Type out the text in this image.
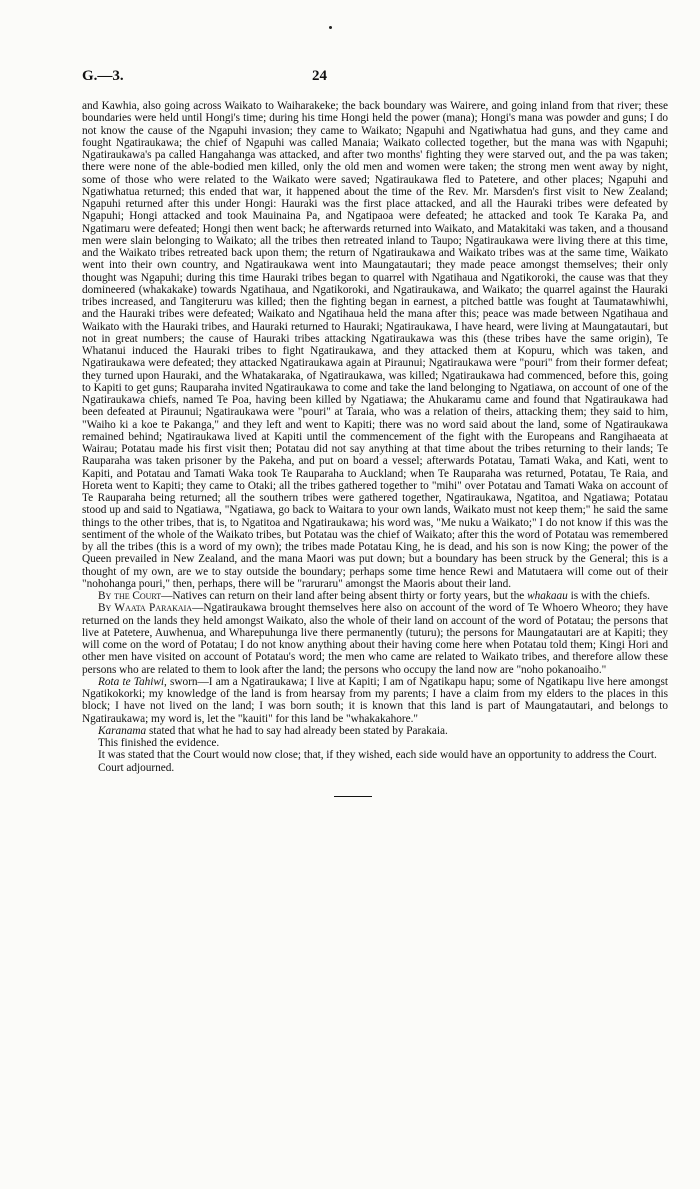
G.—3.	24

and Kawhia, also going across Waikato to Waiharakeke; the back boundary was Wairere, and going inland from that river; these boundaries were held until Hongi's time; during his time Hongi held the power (mana); Hongi's mana was powder and guns; I do not know the cause of the Ngapuhi invasion; they came to Waikato; Ngapuhi and Ngatiwhatua had guns, and they came and fought Ngatiraukawa; the chief of Ngapuhi was called Manaia; Waikato collected together, but the mana was with Ngapuhi; Ngatiraukawa's pa called Hangahanga was attacked, and after two months' fighting they were starved out, and the pa was taken; there were none of the able-bodied men killed, only the old men and women were taken; the strong men went away by night, some of those who were related to the Waikato were saved; Ngatiraukawa fled to Patetere, and other places; Ngapuhi and Ngatiwhatua returned; this ended that war, it happened about the time of the Rev. Mr. Marsden's first visit to New Zealand; Ngapuhi returned after this under Hongi: Hauraki was the first place attacked, and all the Hauraki tribes were defeated by Ngapuhi; Hongi attacked and took Mauinaina Pa, and Ngatipaoa were defeated; he attacked and took Te Karaka Pa, and Ngatimaru were defeated; Hongi then went back; he afterwards returned into Waikato, and Matakitaki was taken, and a thousand men were slain belonging to Waikato; all the tribes then retreated inland to Taupo; Ngatiraukawa were living there at this time, and the Waikato tribes retreated back upon them; the return of Ngatiraukawa and Waikato tribes was at the same time, Waikato went into their own country, and Ngatiraukawa went into Maungatautari; they made peace amongst themselves; their only thought was Ngapuhi; during this time Hauraki tribes began to quarrel with Ngatihaua and Ngatikoroki, the cause was that they domineered (whakakake) towards Ngatihaua, and Ngatikoroki, and Ngatiraukawa, and Waikato; the quarrel against the Hauraki tribes increased, and Tangiteruru was killed; then the fighting began in earnest, a pitched battle was fought at Taumatawhiwhi, and the Hauraki tribes were defeated; Waikato and Ngatihaua held the mana after this; peace was made between Ngatihaua and Waikato with the Hauraki tribes, and Hauraki returned to Hauraki; Ngatiraukawa, I have heard, were living at Maungatautari, but not in great numbers; the cause of Hauraki tribes attacking Ngatiraukawa was this (these tribes have the same origin), Te Whatanui induced the Hauraki tribes to fight Ngatiraukawa, and they attacked them at Kopuru, which was taken, and Ngatiraukawa were defeated; they attacked Ngatiraukawa again at Piraunui; Ngatiraukawa were "pouri" from their former defeat; they turned upon Hauraki, and the Whatakaraka, of Ngatiraukawa, was killed; Ngatiraukawa had commenced, before this, going to Kapiti to get guns; Rauparaha invited Ngatiraukawa to come and take the land belonging to Ngatiawa, on account of one of the Ngatiraukawa chiefs, named Te Poa, having been killed by Ngatiawa; the Ahukaramu came and found that Ngatiraukawa had been defeated at Piraunui; Ngatiraukawa were "pouri" at Taraia, who was a relation of theirs, attacking them; they said to him, "Waiho ki a koe te Pakanga," and they left and went to Kapiti; there was no word said about the land, some of Ngatiraukawa remained behind; Ngatiraukawa lived at Kapiti until the commencement of the fight with the Europeans and Rangihaeata at Wairau; Potatau made his first visit then; Potatau did not say anything at that time about the tribes returning to their lands; Te Rauparaha was taken prisoner by the Pakeha, and put on board a vessel; afterwards Potatau, Tamati Waka, and Kati, went to Kapiti, and Potatau and Tamati Waka took Te Rauparaha to Auckland; when Te Rauparaha was returned, Potatau, Te Raia, and Horeta went to Kapiti; they came to Otaki; all the tribes gathered together to "mihi" over Potatau and Tamati Waka on account of Te Rauparaha being returned; all the southern tribes were gathered together, Ngatiraukawa, Ngatitoa, and Ngatiawa; Potatau stood up and said to Ngatiawa, "Ngatiawa, go back to Waitara to your own lands, Waikato must not keep them;" he said the same things to the other tribes, that is, to Ngatitoa and Ngatiraukawa; his word was, "Me nuku a Waikato;" I do not know if this was the sentiment of the whole of the Waikato tribes, but Potatau was the chief of Waikato; after this the word of Potatau was remembered by all the tribes (this is a word of my own); the tribes made Potatau King, he is dead, and his son is now King; the power of the Queen prevailed in New Zealand, and the mana Maori was put down; but a boundary has been struck by the General; this is a thought of my own, are we to stay outside the boundary; perhaps some time hence Rewi and Matutaera will come out of their "nohohanga pouri," then, perhaps, there will be "raruraru" amongst the Maoris about their land.

By the Court—Natives can return on their land after being absent thirty or forty years, but the whakaau is with the chiefs.

By Waata Parakaia—Ngatiraukawa brought themselves here also on account of the word of Te Whoero Wheoro; they have returned on the lands they held amongst Waikato, also the whole of their land on account of the word of Potatau; the persons that live at Patetere, Auwhenua, and Wharepuhunga live there permanently (tuturu); the persons for Maungatautari are at Kapiti; they will come on the word of Potatau; I do not know anything about their having come here when Potatau told them; Kingi Hori and other men have visited on account of Potatau's word; the men who came are related to Waikato tribes, and therefore allow these persons who are related to them to look after the land; the persons who occupy the land now are "noho pokanoaiho."

Rota te Tahiwi, sworn—I am a Ngatiraukawa; I live at Kapiti; I am of Ngatikapu hapu; some of Ngatikapu live here amongst Ngatikokorki; my knowledge of the land is from hearsay from my parents; I have a claim from my elders to the places in this block; I have not lived on the land; I was born south; it is known that this land is part of Maungatautari, and belongs to Ngatiraukawa; my word is, let the "kauiti" for this land be "whakakahore."

Karanama stated that what he had to say had already been stated by Parakaia.

This finished the evidence.

It was stated that the Court would now close; that, if they wished, each side would have an opportunity to address the Court.

Court adjourned.
